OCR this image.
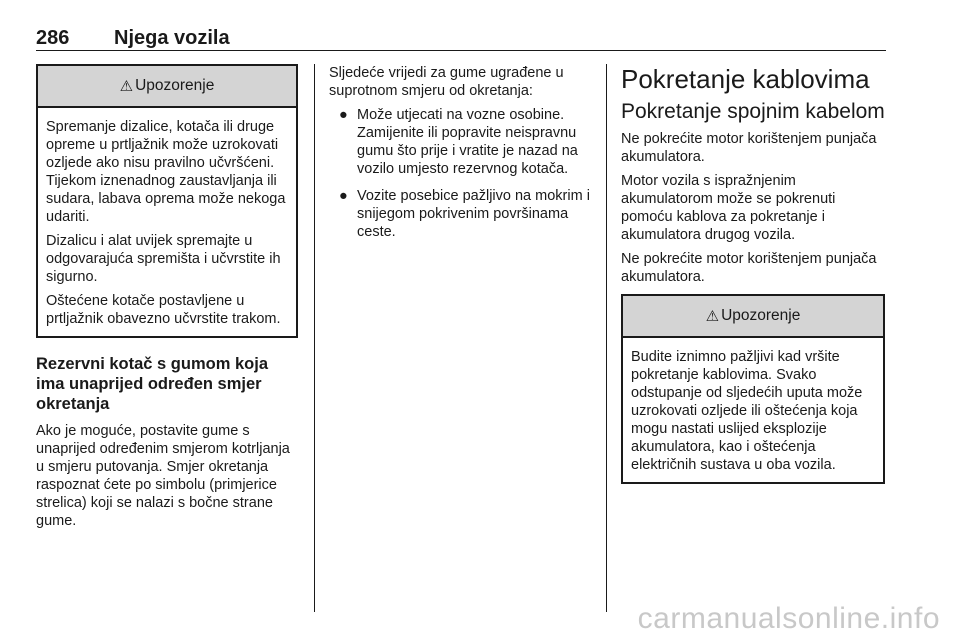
286 Njega vozila
⚠ Upozorenje

Spremanje dizalice, kotača ili druge opreme u prtljažnik može uzrokovati ozljede ako nisu pravilno učvršćeni. Tijekom iznenadnog zaustavljanja ili sudara, labava oprema može nekoga udariti.

Dizalicu i alat uvijek spremajte u odgovarajuća spremišta i učvrstite ih sigurno.

Oštećene kotače postavljene u prtljažnik obavezno učvrstite trakom.

Rezervni kotač s gumom koja ima unaprijed određen smjer okretanja

Ako je moguće, postavite gume s unaprijed određenim smjerom kotrljanja u smjeru putovanja. Smjer okretanja raspoznat ćete po simbolu (primjerice strelica) koji se nalazi s bočne strane gume.

Sljedeće vrijedi za gume ugrađene u suprotnom smjeru od okretanja:

● Može utjecati na vozne osobine. Zamijenite ili popravite neispravnu gumu što prije i vratite je nazad na vozilo umjesto rezervnog kotača.
● Vozite posebice pažljivo na mokrim i snijegom pokrivenim površinama ceste.
Pokretanje kablovima
Pokretanje spojnim kabelom

Ne pokrećite motor korištenjem punjača akumulatora.

Motor vozila s ispražnjenim akumulatorom može se pokrenuti pomoću kablova za pokretanje i akumulatora drugog vozila.

Ne pokrećite motor korištenjem punjača akumulatora.

⚠ Upozorenje

Budite iznimno pažljivi kad vršite pokretanje kablovima. Svako odstupanje od sljedećih uputa može uzrokovati ozljede ili oštećenja koja mogu nastati uslijed eksplozije akumulatora, kao i oštećenja električnih sustava u oba vozila.

carmanualsonline.info
